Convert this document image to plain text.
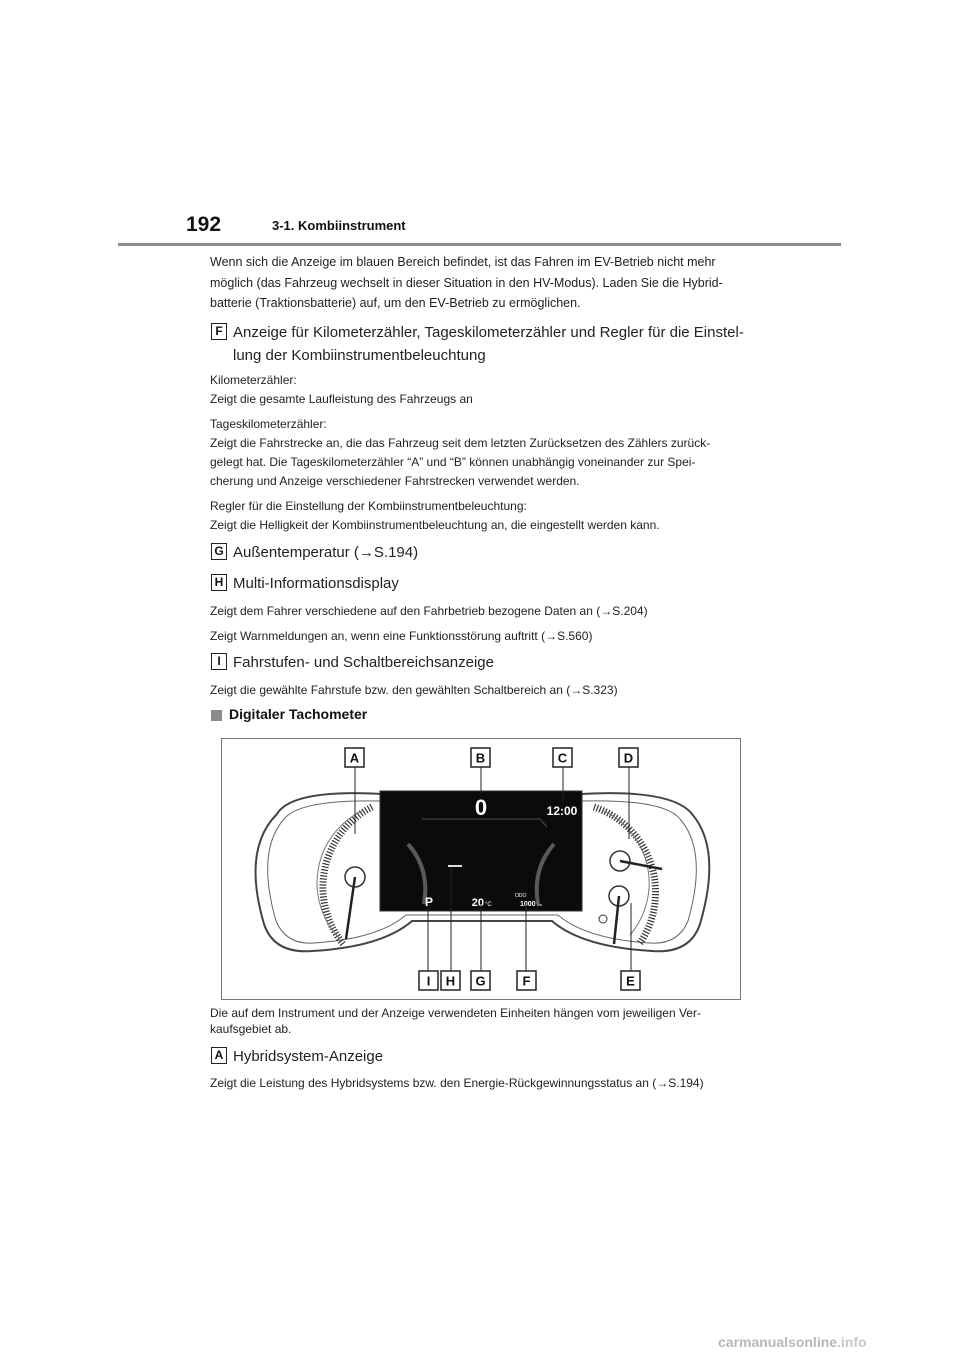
192	3-1. Kombiinstrument
Wenn sich die Anzeige im blauen Bereich befindet, ist das Fahren im EV-Betrieb nicht mehr
möglich (das Fahrzeug wechselt in dieser Situation in den HV-Modus). Laden Sie die Hybrid-
batterie (Traktionsbatterie) auf, um den EV-Betrieb zu ermöglichen.
F Anzeige für Kilometerzähler, Tageskilometerzähler und Regler für die Einstel-
lung der Kombiinstrumentbeleuchtung
Kilometerzähler:
Zeigt die gesamte Laufleistung des Fahrzeugs an
Tageskilometerzähler:
Zeigt die Fahrstrecke an, die das Fahrzeug seit dem letzten Zurücksetzen des Zählers zurück-
gelegt hat. Die Tageskilometerzähler “A” und “B” können unabhängig voneinander zur Spei-
cherung und Anzeige verschiedener Fahrstrecken verwendet werden.
Regler für die Einstellung der Kombiinstrumentbeleuchtung:
Zeigt die Helligkeit der Kombiinstrumentbeleuchtung an, die eingestellt werden kann.
G Außentemperatur (→S.194)
H Multi-Informationsdisplay
Zeigt dem Fahrer verschiedene auf den Fahrbetrieb bezogene Daten an (→S.204)
Zeigt Warnmeldungen an, wenn eine Funktionsstörung auftritt (→S.560)
I Fahrstufen- und Schaltbereichsanzeige
Zeigt die gewählte Fahrstufe bzw. den gewählten Schaltbereich an (→S.323)
Digitaler Tachometer
0	12:00
P	20 °C
ODO
1000 km
A	B	C	D
I H G	F	E
Die auf dem Instrument und der Anzeige verwendeten Einheiten hängen vom jeweiligen Ver-
kaufsgebiet ab.
A Hybridsystem-Anzeige
Zeigt die Leistung des Hybridsystems bzw. den Energie-Rückgewinnungsstatus an (→S.194)
carmanualsonline.info
